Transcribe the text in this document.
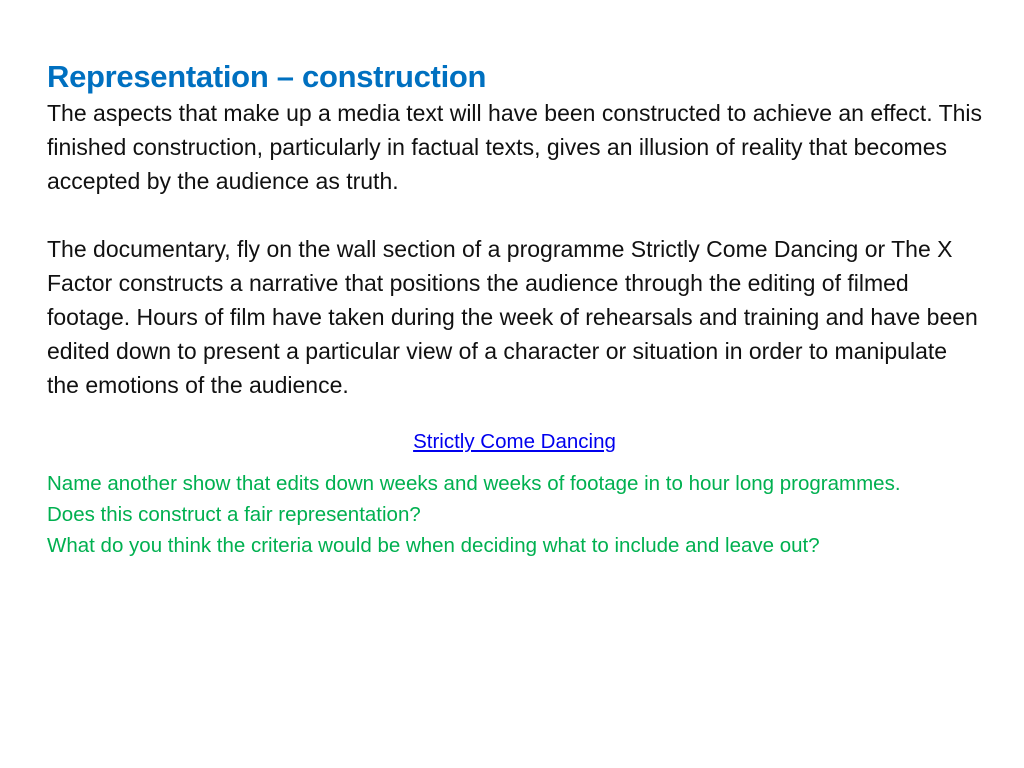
Representation – construction

The aspects that make up a media text will have been constructed to achieve an effect. This finished construction, particularly in factual texts, gives an illusion of reality that becomes accepted by the audience as truth.

The documentary, fly on the wall section of a programme Strictly Come Dancing or The X Factor constructs a narrative that positions the audience through the editing of filmed footage. Hours of film have taken during the week of rehearsals and training and have been edited down to present a particular view of a character or situation in order to manipulate the emotions of the audience.

Strictly Come Dancing

Name another show that edits down weeks and weeks of footage in to hour long programmes.

Does this construct a fair representation?

What do you think the criteria would be when deciding what to include and leave out?
